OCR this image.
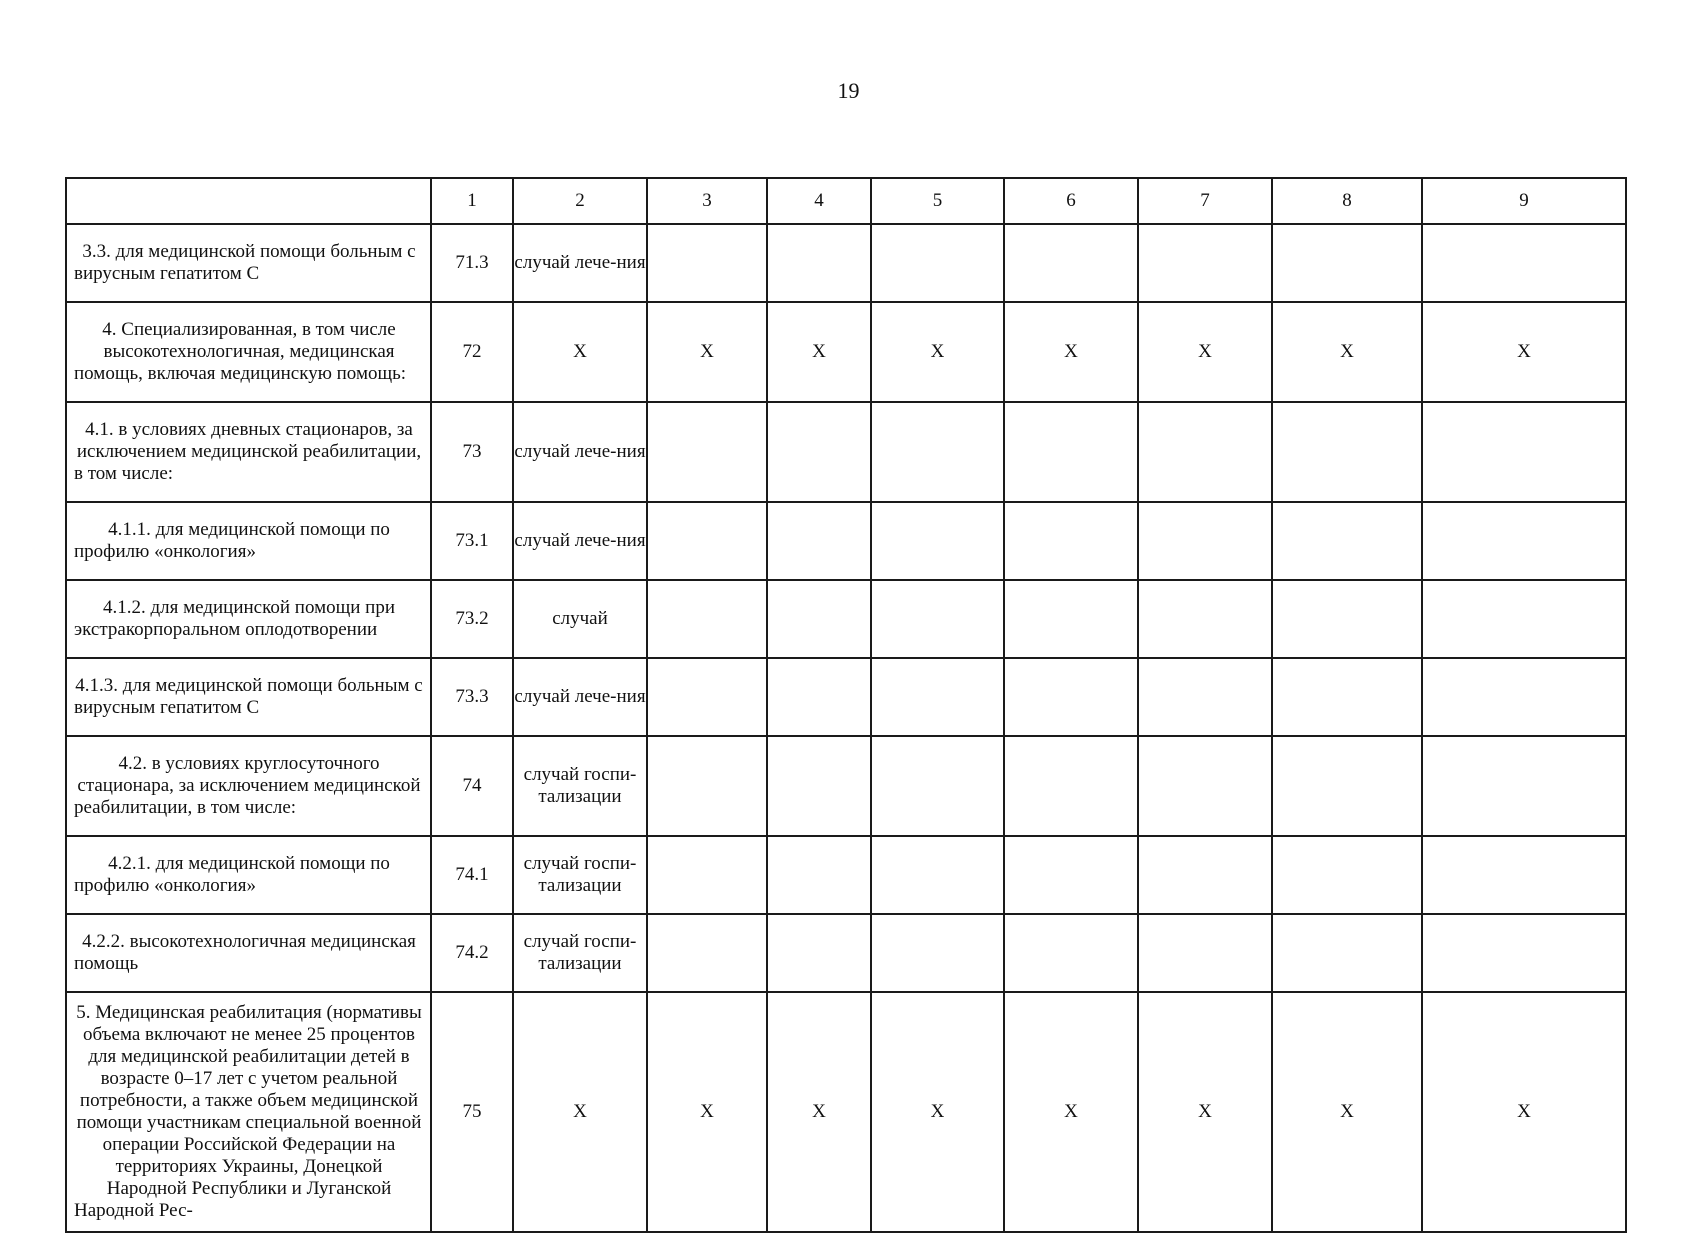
19
	1	2	3	4	5	6	7	8	9
3.3. для медицинской помощи больным с вирусным гепатитом С	71.3	случай лече-ния							
4. Специализированная, в том числе высокотехнологичная, медицинская помощь, включая медицинскую помощь:	72	X	X	X	X	X	X	X	X
4.1. в условиях дневных стационаров, за исключением медицинской реабилитации, в том числе:	73	случай лече-ния							
4.1.1. для медицинской помощи по профилю «онкология»	73.1	случай лече-ния							
4.1.2. для медицинской помощи при экстракорпоральном оплодотворении	73.2	случай							
4.1.3. для медицинской помощи больным с вирусным гепатитом С	73.3	случай лече-ния							
4.2. в условиях круглосуточного стационара, за исключением медицинской реабилитации, в том числе:	74	случай госпи-тализации							
4.2.1. для медицинской помощи по профилю «онкология»	74.1	случай госпи-тализации							
4.2.2. высокотехнологичная медицинская помощь	74.2	случай госпи-тализации							
5. Медицинская реабилитация (нормативы объема включают не менее 25 процентов для медицинской реабилитации детей в возрасте 0–17 лет с учетом реальной потребности, а также объем медицинской помощи участникам специальной военной операции Российской Федерации на территориях Украины, Донецкой Народной Республики и Луганской Народной Рес-	75	X	X	X	X	X	X	X	X
